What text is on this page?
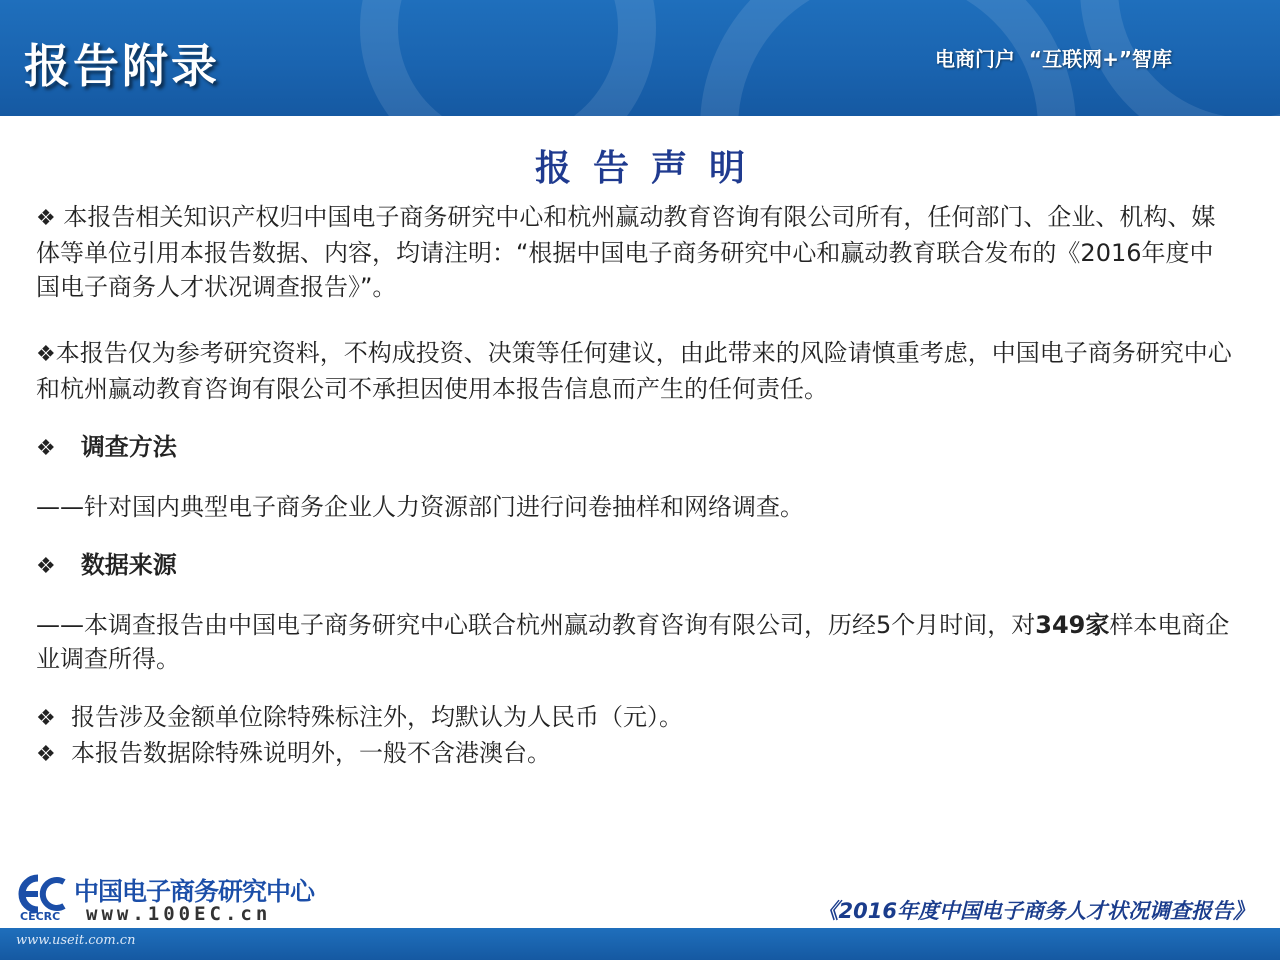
报告附录	电商门户  “互联网+”智库
报告声明

❖ 本报告相关知识产权归中国电子商务研究中心和杭州赢动教育咨询有限公司所有，任何部门、企业、机构、媒体等单位引用本报告数据、内容，均请注明：“根据中国电子商务研究中心和赢动教育联合发布的《2016年度中国电子商务人才状况调查报告》”。

❖本报告仅为参考研究资料，不构成投资、决策等任何建议，由此带来的风险请慎重考虑，中国电子商务研究中心和杭州赢动教育咨询有限公司不承担因使用本报告信息而产生的任何责任。

❖ 调查方法

——针对国内典型电子商务企业人力资源部门进行问卷抽样和网络调查。

❖ 数据来源

——本调查报告由中国电子商务研究中心联合杭州赢动教育咨询有限公司，历经5个月时间，对349家样本电商企业调查所得。

❖ 报告涉及金额单位除特殊标注外，均默认为人民币（元）。

❖ 本报告数据除特殊说明外，一般不含港澳台。

中国电子商务研究中心
www.100EC.cn
CECRC	《2016年度中国电子商务人才状况调查报告》
www.useit.com.cn
